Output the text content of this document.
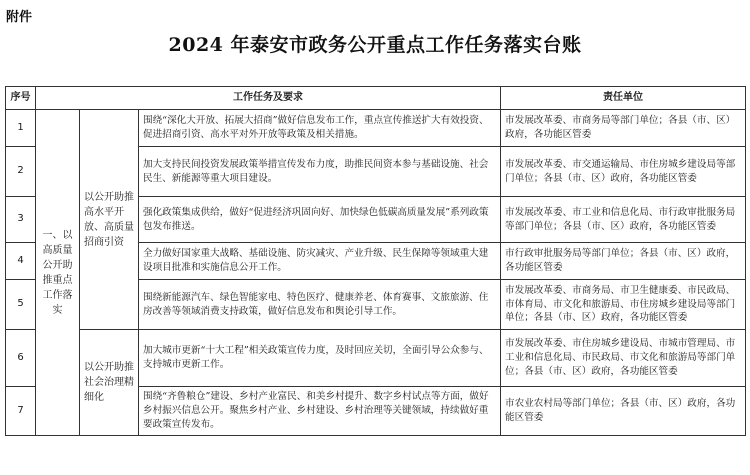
附件
2024 年泰安市政务公开重点工作任务落实台账
序号	工作任务及要求			责任单位
1	一、以高质量公开助推重点工作落实	以公开助推高水平开放、高质量招商引资	围绕“深化大开放、拓展大招商”做好信息发布工作，重点宣传推送扩大有效投资、促进招商引资、高水平对外开放等政策及相关措施。	市发展改革委、市商务局等部门单位；各县（市、区）政府，各功能区管委
2			加大支持民间投资发展政策举措宣传发布力度，助推民间资本参与基础设施、社会民生、新能源等重大项目建设。	市发展改革委、市交通运输局、市住房城乡建设局等部门单位；各县（市、区）政府，各功能区管委
3			强化政策集成供给，做好“促进经济巩固向好、加快绿色低碳高质量发展”系列政策包发布推送。	市发展改革委、市工业和信息化局、市行政审批服务局等部门单位；各县（市、区）政府，各功能区管委
4			全力做好国家重大战略、基础设施、防灾减灾、产业升级、民生保障等领域重大建设项目批准和实施信息公开工作。	市行政审批服务局等部门单位；各县（市、区）政府，各功能区管委
5			围绕新能源汽车、绿色智能家电、特色医疗、健康养老、体育赛事、文旅旅游、住房改善等领域消费支持政策，做好信息发布和舆论引导工作。	市发展改革委、市商务局、市卫生健康委、市民政局、市体育局、市文化和旅游局、市住房城乡建设局等部门单位；各县（市、区）政府，各功能区管委
6		以公开助推社会治理精细化	加大城市更新“十大工程”相关政策宣传力度，及时回应关切，全面引导公众参与、支持城市更新工作。	市发展改革委、市住房城乡建设局、市城市管理局、市工业和信息化局、市民政局、市文化和旅游局等部门单位；各县（市、区）政府，各功能区管委
7			围绕“齐鲁粮仓”建设、乡村产业富民、和美乡村提升、数字乡村试点等方面，做好乡村振兴信息公开。聚焦乡村产业、乡村建设、乡村治理等关键领域，持续做好重要政策宣传发布。	市农业农村局等部门单位；各县（市、区）政府，各功能区管委
